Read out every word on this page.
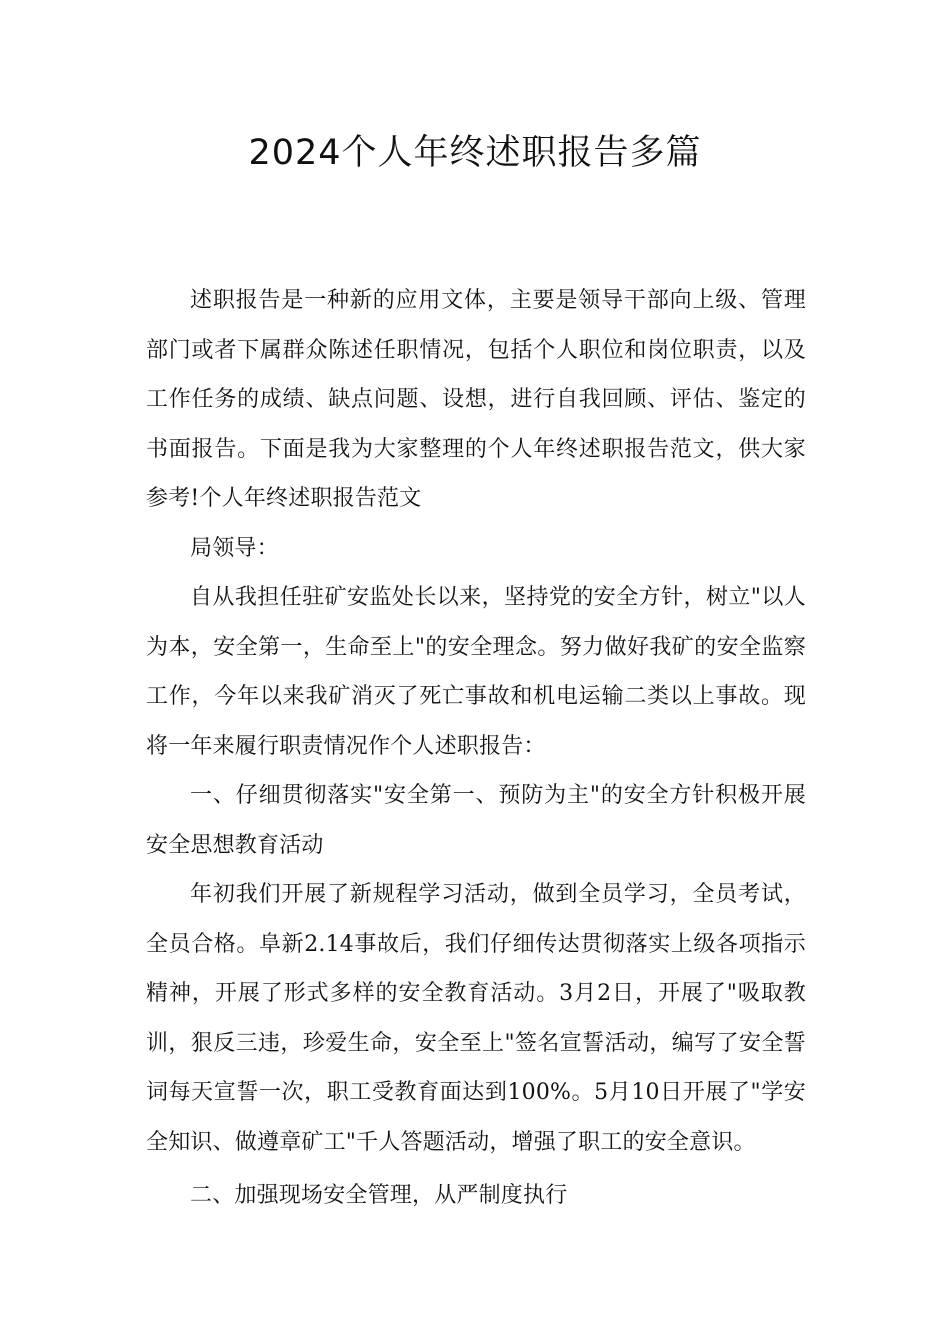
2024个人年终述职报告多篇

述职报告是一种新的应用文体，主要是领导干部向上级、管理部门或者下属群众陈述任职情况，包括个人职位和岗位职责，以及工作任务的成绩、缺点问题、设想，进行自我回顾、评估、鉴定的书面报告。下面是我为大家整理的个人年终述职报告范文，供大家参考!个人年终述职报告范文

局领导：

自从我担任驻矿安监处长以来，坚持党的安全方针，树立"以人为本，安全第一，生命至上"的安全理念。努力做好我矿的安全监察工作，今年以来我矿消灭了死亡事故和机电运输二类以上事故。现将一年来履行职责情况作个人述职报告：

一、仔细贯彻落实"安全第一、预防为主"的安全方针积极开展安全思想教育活动

年初我们开展了新规程学习活动，做到全员学习，全员考试，全员合格。阜新2.14事故后，我们仔细传达贯彻落实上级各项指示精神，开展了形式多样的安全教育活动。3月2日，开展了"吸取教训，狠反三违，珍爱生命，安全至上"签名宣誓活动，编写了安全誓词每天宣誓一次，职工受教育面达到100%。5月10日开展了"学安全知识、做遵章矿工"千人答题活动，增强了职工的安全意识。

二、加强现场安全管理，从严制度执行
